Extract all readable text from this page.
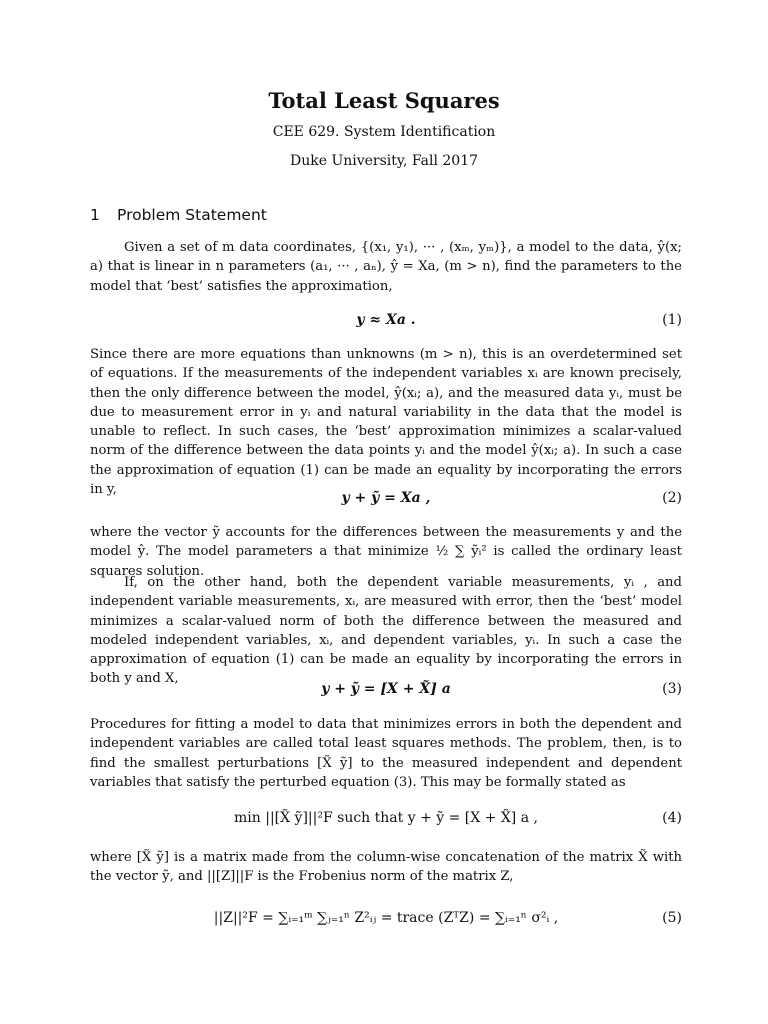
Total Least Squares
CEE 629. System Identification
Duke University, Fall 2017
1 Problem Statement
Given a set of m data coordinates, {(x₁, y₁), ··· , (xₘ, yₘ)}, a model to the data, ŷ(x; a) that is linear in n parameters (a₁, ··· , aₙ), ŷ = Xa, (m > n), find the parameters to the model that ‘best’ satisfies the approximation,
y ≈ Xa .	(1)
Since there are more equations than unknowns (m > n), this is an overdetermined set of equations. If the measurements of the independent variables xᵢ are known precisely, then the only difference between the model, ŷ(xᵢ; a), and the measured data yᵢ, must be due to measurement error in yᵢ and natural variability in the data that the model is unable to reflect. In such cases, the ‘best’ approximation minimizes a scalar-valued norm of the difference between the data points yᵢ and the model ŷ(xᵢ; a). In such a case the approximation of equation (1) can be made an equality by incorporating the errors in y,
y + ỹ = Xa ,	(2)
where the vector ỹ accounts for the differences between the measurements y and the model ŷ. The model parameters a that minimize ½ ∑ ỹᵢ² is called the ordinary least squares solution.
If, on the other hand, both the dependent variable measurements, yᵢ , and independent variable measurements, xᵢ, are measured with error, then the ‘best’ model minimizes a scalar-valued norm of both the difference between the measured and modeled independent variables, xᵢ, and dependent variables, yᵢ. In such a case the approximation of equation (1) can be made an equality by incorporating the errors in both y and X,
y + ỹ = [X + X̃] a	(3)
Procedures for fitting a model to data that minimizes errors in both the dependent and independent variables are called total least squares methods. The problem, then, is to find the smallest perturbations [X̃ ỹ] to the measured independent and dependent variables that satisfy the perturbed equation (3). This may be formally stated as
min ||[X̃ ỹ]||²F such that y + ỹ = [X + X̃] a ,	(4)
where [X̃ ỹ] is a matrix made from the column-wise concatenation of the matrix X̃ with the vector ỹ, and ||[Z]||F is the Frobenius norm of the matrix Z,
||Z||²F = ∑ᵢ₌₁ᵐ ∑ⱼ₌₁ⁿ Z²ᵢⱼ = trace (ZᵀZ) = ∑ᵢ₌₁ⁿ σ²ᵢ ,	(5)
